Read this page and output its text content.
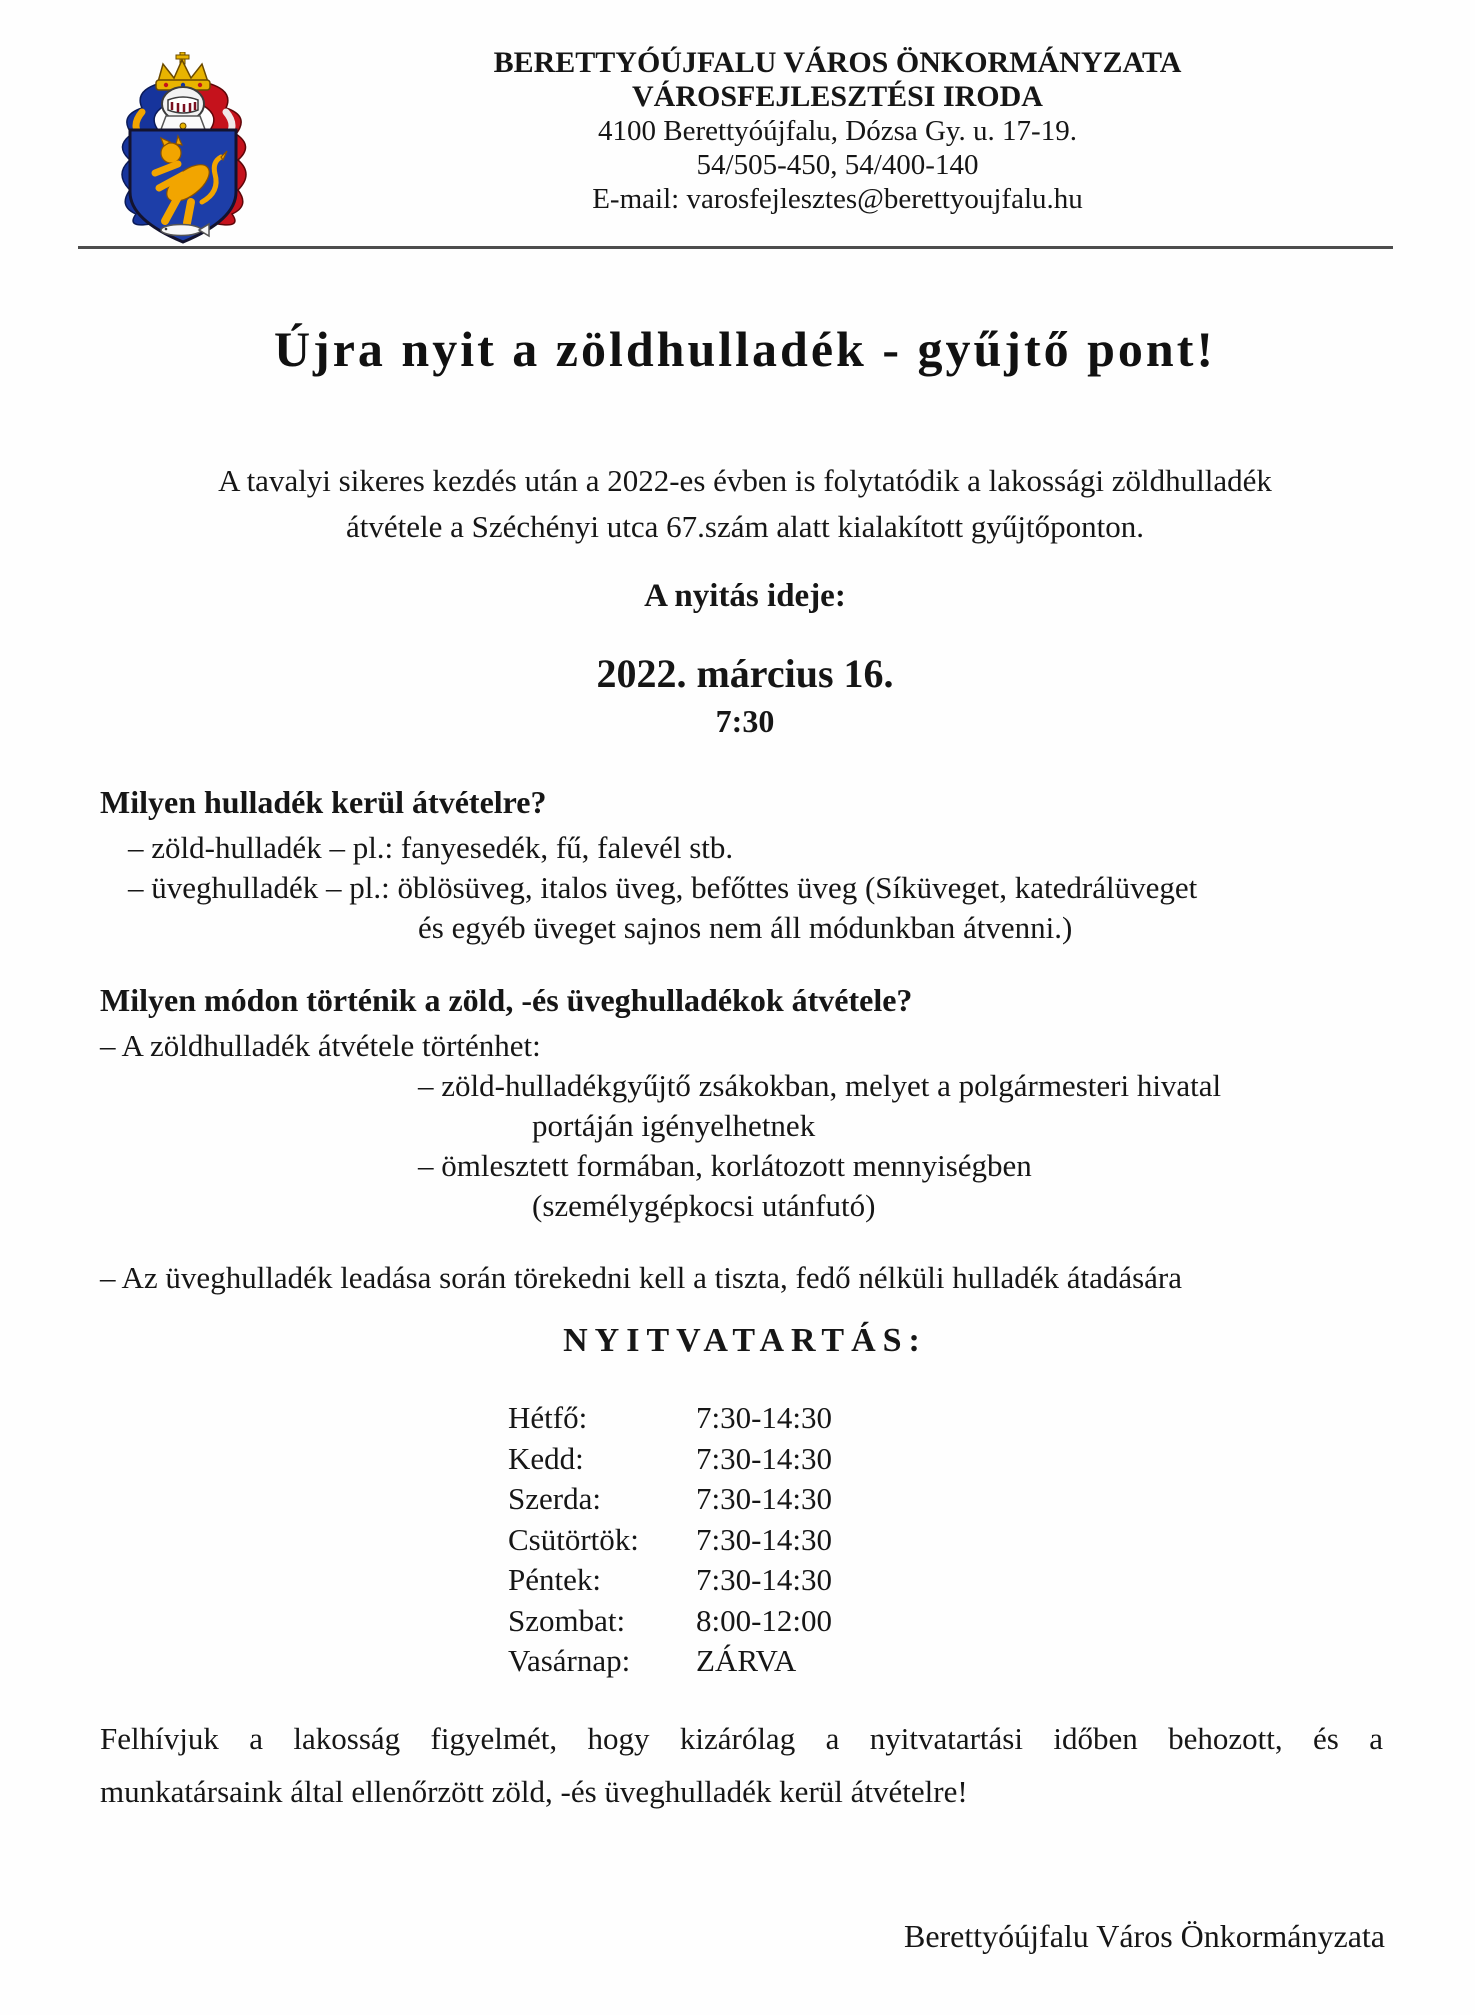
BERETTYÓÚJFALU VÁROS ÖNKORMÁNYZATA
VÁROSFEJLESZTÉSI IRODA
4100 Berettyóújfalu, Dózsa Gy. u. 17-19.
54/505-450, 54/400-140
E-mail: varosfejlesztes@berettyoujfalu.hu
Újra nyit a zöldhulladék - gyűjtő pont!
A tavalyi sikeres kezdés után a 2022-es évben is folytatódik a lakossági zöldhulladék
átvétele a Széchényi utca 67.szám alatt kialakított gyűjtőponton.
A nyitás ideje:
2022. március 16.
7:30
Milyen hulladék kerül átvételre?
– zöld-hulladék – pl.: fanyesedék, fű, falevél stb.
– üveghulladék – pl.: öblösüveg, italos üveg, befőttes üveg (Síküveget, katedrálüveget
és egyéb üveget sajnos nem áll módunkban átvenni.)
Milyen módon történik a zöld, -és üveghulladékok átvétele?
– A zöldhulladék átvétele történhet:
– zöld-hulladékgyűjtő zsákokban, melyet a polgármesteri hivatal
portáján igényelhetnek
– ömlesztett formában, korlátozott mennyiségben
(személygépkocsi utánfutó)
– Az üveghulladék leadása során törekedni kell a tiszta, fedő nélküli hulladék átadására
NYITVATARTÁS:
Hétfő:	7:30-14:30
Kedd:	7:30-14:30
Szerda:	7:30-14:30
Csütörtök:	7:30-14:30
Péntek:	7:30-14:30
Szombat:	8:00-12:00
Vasárnap:	ZÁRVA
Felhívjuk a lakosság figyelmét, hogy kizárólag a nyitvatartási időben behozott, és a
munkatársaink által ellenőrzött zöld, -és üveghulladék kerül átvételre!
Berettyóújfalu Város Önkormányzata
